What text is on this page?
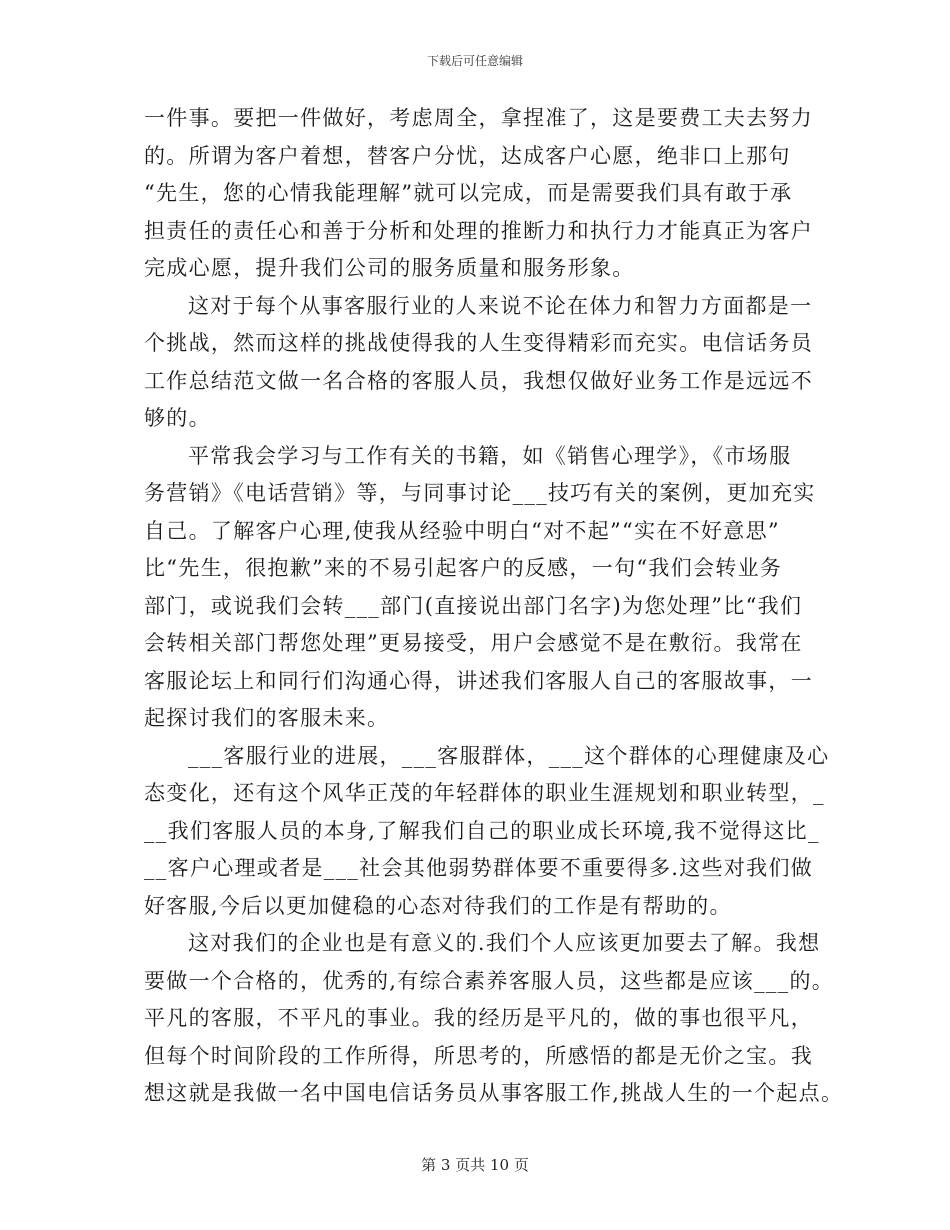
下载后可任意编辑

一件事。要把一件做好，考虑周全，拿捏准了，这是要费工夫去努力
的。所谓为客户着想，替客户分忧，达成客户心愿，绝非口上那句
“先生，您的心情我能理解”就可以完成，而是需要我们具有敢于承
担责任的责任心和善于分析和处理的推断力和执行力才能真正为客户
完成心愿，提升我们公司的服务质量和服务形象。

这对于每个从事客服行业的人来说不论在体力和智力方面都是一
个挑战，然而这样的挑战使得我的人生变得精彩而充实。电信话务员
工作总结范文做一名合格的客服人员，我想仅做好业务工作是远远不
够的。

平常我会学习与工作有关的书籍，如《销售心理学》，《市场服
务营销》《电话营销》等，与同事讨论___技巧有关的案例，更加充实
自己。了解客户心理,使我从经验中明白“对不起”“实在不好意思”
比“先生，很抱歉”来的不易引起客户的反感，一句“我们会转业务
部门，或说我们会转___部门(直接说出部门名字)为您处理”比“我们
会转相关部门帮您处理”更易接受，用户会感觉不是在敷衍。我常在
客服论坛上和同行们沟通心得，讲述我们客服人自己的客服故事，一
起探讨我们的客服未来。

___客服行业的进展，___客服群体，___这个群体的心理健康及心
态变化，还有这个风华正茂的年轻群体的职业生涯规划和职业转型，_
__我们客服人员的本身,了解我们自己的职业成长环境,我不觉得这比_
__客户心理或者是___社会其他弱势群体要不重要得多.这些对我们做
好客服,今后以更加健稳的心态对待我们的工作是有帮助的。

这对我们的企业也是有意义的.我们个人应该更加要去了解。我想
要做一个合格的，优秀的,有综合素养客服人员，这些都是应该___的。
平凡的客服，不平凡的事业。我的经历是平凡的，做的事也很平凡，
但每个时间阶段的工作所得，所思考的，所感悟的都是无价之宝。我
想这就是我做一名中国电信话务员从事客服工作,挑战人生的一个起点。

第 3 页共 10 页
